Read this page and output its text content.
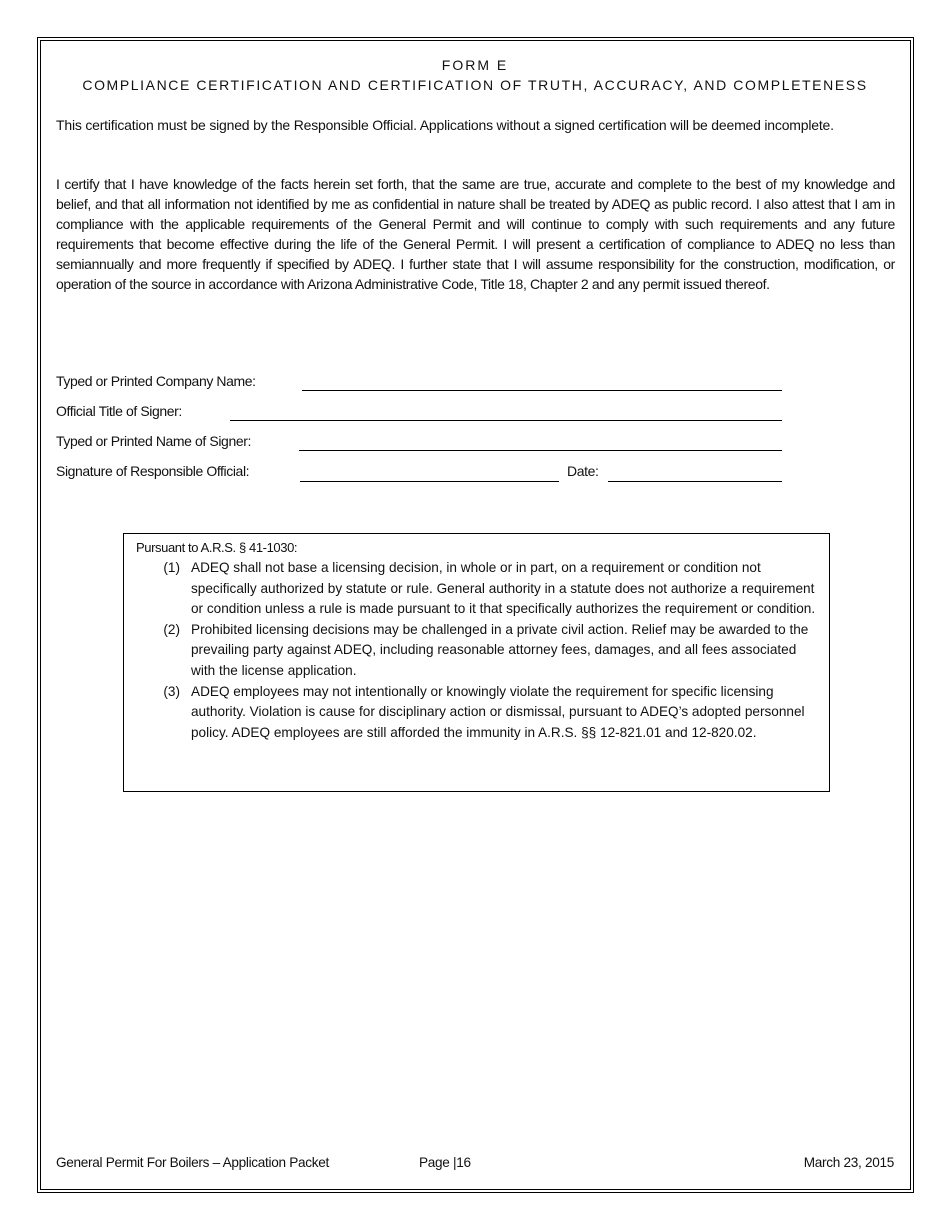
FORM E
COMPLIANCE CERTIFICATION AND CERTIFICATION OF TRUTH, ACCURACY, AND COMPLETENESS

This certification must be signed by the Responsible Official. Applications without a signed certification will be deemed incomplete.

I certify that I have knowledge of the facts herein set forth, that the same are true, accurate and complete to the best of my knowledge and belief, and that all information not identified by me as confidential in nature shall be treated by ADEQ as public record. I also attest that I am in compliance with the applicable requirements of the General Permit and will continue to comply with such requirements and any future requirements that become effective during the life of the General Permit. I will present a certification of compliance to ADEQ no less than semiannually and more frequently if specified by ADEQ. I further state that I will assume responsibility for the construction, modification, or operation of the source in accordance with Arizona Administrative Code, Title 18, Chapter 2 and any permit issued thereof.

Typed or Printed Company Name:
Official Title of Signer:
Typed or Printed Name of Signer:
Signature of Responsible Official:	Date:
Pursuant to A.R.S. § 41-1030:
(1) ADEQ shall not base a licensing decision, in whole or in part, on a requirement or condition not specifically authorized by statute or rule. General authority in a statute does not authorize a requirement or condition unless a rule is made pursuant to it that specifically authorizes the requirement or condition.
(2) Prohibited licensing decisions may be challenged in a private civil action. Relief may be awarded to the prevailing party against ADEQ, including reasonable attorney fees, damages, and all fees associated with the license application.
(3) ADEQ employees may not intentionally or knowingly violate the requirement for specific licensing authority. Violation is cause for disciplinary action or dismissal, pursuant to ADEQ’s adopted personnel policy. ADEQ employees are still afforded the immunity in A.R.S. §§ 12-821.01 and 12-820.02.
General Permit For Boilers – Application Packet	Page |16	March 23, 2015
